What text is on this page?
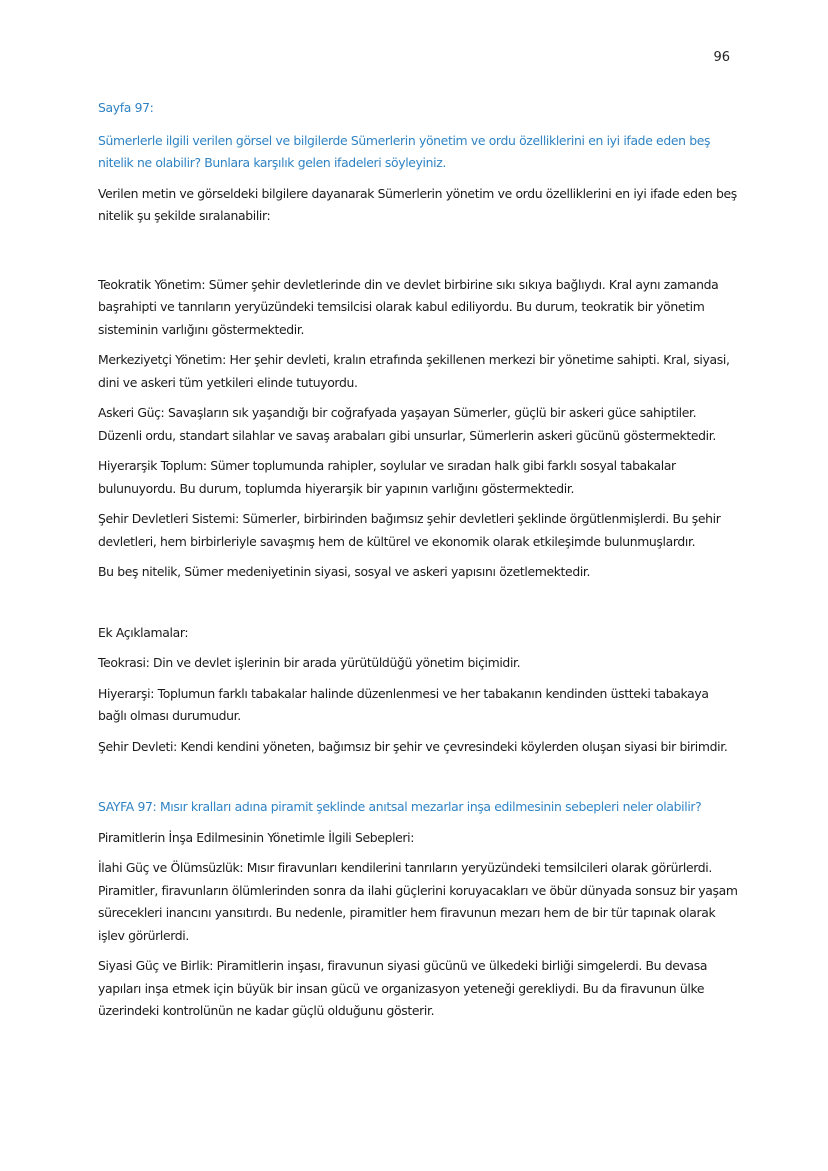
96

Sayfa 97:

Sümerlerle ilgili verilen görsel ve bilgilerde Sümerlerin yönetim ve ordu özelliklerini en iyi ifade eden beş nitelik ne olabilir? Bunlara karşılık gelen ifadeleri söyleyiniz.

Verilen metin ve görseldeki bilgilere dayanarak Sümerlerin yönetim ve ordu özelliklerini en iyi ifade eden beş nitelik şu şekilde sıralanabilir:

Teokratik Yönetim: Sümer şehir devletlerinde din ve devlet birbirine sıkı sıkıya bağlıydı. Kral aynı zamanda başrahipti ve tanrıların yeryüzündeki temsilcisi olarak kabul ediliyordu. Bu durum, teokratik bir yönetim sisteminin varlığını göstermektedir.

Merkeziyetçi Yönetim: Her şehir devleti, kralın etrafında şekillenen merkezi bir yönetime sahipti. Kral, siyasi, dini ve askeri tüm yetkileri elinde tutuyordu.

Askeri Güç: Savaşların sık yaşandığı bir coğrafyada yaşayan Sümerler, güçlü bir askeri güce sahiptiler. Düzenli ordu, standart silahlar ve savaş arabaları gibi unsurlar, Sümerlerin askeri gücünü göstermektedir.

Hiyerarşik Toplum: Sümer toplumunda rahipler, soylular ve sıradan halk gibi farklı sosyal tabakalar bulunuyordu. Bu durum, toplumda hiyerarşik bir yapının varlığını göstermektedir.

Şehir Devletleri Sistemi: Sümerler, birbirinden bağımsız şehir devletleri şeklinde örgütlenmişlerdi. Bu şehir devletleri, hem birbirleriyle savaşmış hem de kültürel ve ekonomik olarak etkileşimde bulunmuşlardır.

Bu beş nitelik, Sümer medeniyetinin siyasi, sosyal ve askeri yapısını özetlemektedir.

Ek Açıklamalar:

Teokrasi: Din ve devlet işlerinin bir arada yürütüldüğü yönetim biçimidir.

Hiyerarşi: Toplumun farklı tabakalar halinde düzenlenmesi ve her tabakanın kendinden üstteki tabakaya bağlı olması durumudur.

Şehir Devleti: Kendi kendini yöneten, bağımsız bir şehir ve çevresindeki köylerden oluşan siyasi bir birimdir.

SAYFA 97: Mısır kralları adına piramit şeklinde anıtsal mezarlar inşa edilmesinin sebepleri neler olabilir?

Piramitlerin İnşa Edilmesinin Yönetimle İlgili Sebepleri:

İlahi Güç ve Ölümsüzlük: Mısır firavunları kendilerini tanrıların yeryüzündeki temsilcileri olarak görürlerdi. Piramitler, firavunların ölümlerinden sonra da ilahi güçlerini koruyacakları ve öbür dünyada sonsuz bir yaşam sürecekleri inancını yansıtırdı. Bu nedenle, piramitler hem firavunun mezarı hem de bir tür tapınak olarak işlev görürlerdi.

Siyasi Güç ve Birlik: Piramitlerin inşası, firavunun siyasi gücünü ve ülkedeki birliği simgelerdi. Bu devasa yapıları inşa etmek için büyük bir insan gücü ve organizasyon yeteneği gerekliydi. Bu da firavunun ülke üzerindeki kontrolünün ne kadar güçlü olduğunu gösterir.
